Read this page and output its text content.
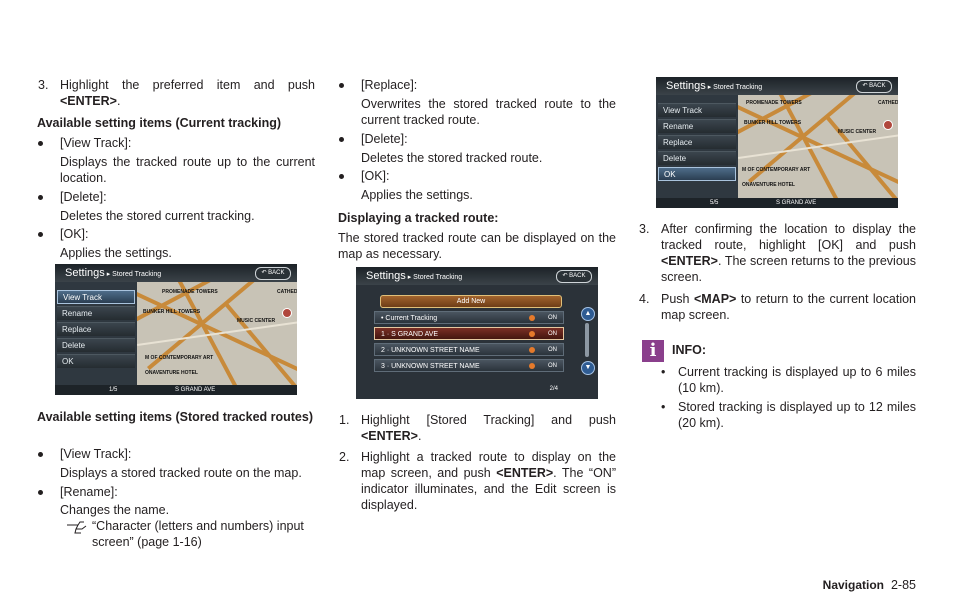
3. Highlight the preferred item and push
<ENTER>.
Available setting items (Current tracking)
[View Track]:
Displays the tracked route up to the current location.
[Delete]:
Deletes the stored current tracking.
[OK]:
Applies the settings.
Settings ▸ Stored Tracking	↶ BACK
View Track
Rename
Replace
Delete
OK
PROMENADE TOWERS
BUNKER HILL TOWERS
MUSIC CENTER
M OF CONTEMPORARY ART
ONAVENTURE HOTEL
CATHED
1/5	S GRAND AVE
Available setting items (Stored tracked routes)
[View Track]:
Displays a stored tracked route on the map.
[Rename]:
Changes the name.
“Character (letters and numbers) input screen” (page 1-16)
[Replace]:
Overwrites the stored tracked route to the current tracked route.
[Delete]:
Deletes the stored tracked route.
[OK]:
Applies the settings.
Displaying a tracked route:
The stored tracked route can be displayed on the map as necessary.
Settings ▸ Stored Tracking	↶ BACK
Add New
• Current Tracking	ON
1 · S GRAND AVE	ON
2 · UNKNOWN STREET NAME	ON
3 · UNKNOWN STREET NAME	ON
▲
▼
2/4
1. Highlight [Stored Tracking] and push
<ENTER>.
2. Highlight a tracked route to display on the map screen, and push <ENTER>. The “ON” indicator illuminates, and the Edit screen is displayed.
Settings ▸ Stored Tracking	↶ BACK
View Track
Rename
Replace
Delete
OK
PROMENADE TOWERS
BUNKER HILL TOWERS
MUSIC CENTER
M OF CONTEMPORARY ART
ONAVENTURE HOTEL
CATHED
5/5	S GRAND AVE
3. After confirming the location to display the tracked route, highlight [OK] and push <ENTER>. The screen returns to the previous screen.
4. Push <MAP> to return to the current location map screen.
i	INFO:
• Current tracking is displayed up to 6 miles (10 km).
• Stored tracking is displayed up to 12 miles (20 km).
Navigation 2-85
